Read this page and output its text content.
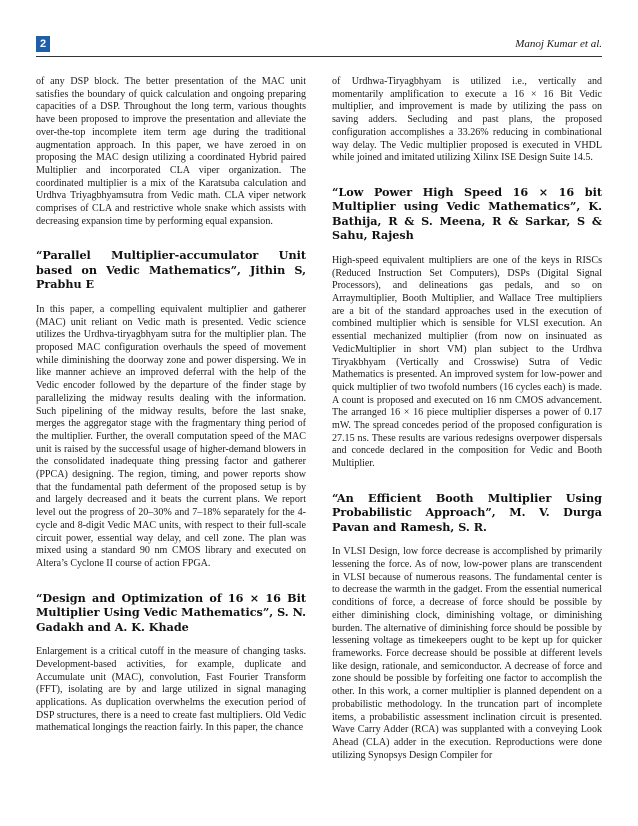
2	Manoj Kumar et al.

of any DSP block. The better presentation of the MAC unit satisfies the boundary of quick calculation and ongoing preparing capacities of a DSP. Throughout the long term, various thoughts have been proposed to improve the presentation and alleviate the over-the-top incomplete item term age during the traditional augmentation approach. In this paper, we have zeroed in on proposing the MAC design utilizing a coordinated Hybrid paired Multiplier and incorporated CLA viper organization. The coordinated multiplier is a mix of the Karatsuba calculation and Urdhva Triyagbhyamsutra from Vedic math. CLA viper network comprises of CLA and restrictive whole snake which assists with decreasing expansion time by performing equal expansion.

“Parallel Multiplier-accumulator Unit based on Vedic Mathematics”, Jithin S, Prabhu E

In this paper, a compelling equivalent multiplier and gatherer (MAC) unit reliant on Vedic math is presented. Vedic science utilizes the Urdhva-tiryagbhyam sutra for the multiplier plan. The proposed MAC configuration overhauls the speed of movement while diminishing the doorway zone and power dispersing. We in like manner achieve an improved deferral with the help of the Vedic encoder followed by the departure of the finder stage by parallelizing the midway results dealing with the information. Such pipelining of the midway results, before the last snake, merges the aggregator stage with the fragmentary thing period of the multiplier. Further, the overall computation speed of the MAC unit is raised by the successful usage of higher-demand blowers in the consolidated inadequate thing pressing factor and gatherer (PPCA) designing. The region, timing, and power reports show that the fundamental path deferment of the proposed setup is by and largely decreased and it beats the current plans. We report level out the progress of 20–30% and 7–18% separately for the 4-cycle and 8-digit Vedic MAC units, with respect to their full-scale circuit power, essential way delay, and cell zone. The plan was mixed using a standard 90 nm CMOS library and executed on Altera’s Cyclone II course of action FPGA.

“Design and Optimization of 16 × 16 Bit Multiplier Using Vedic Mathematics”, S. N. Gadakh and A. K. Khade

Enlargement is a critical cutoff in the measure of changing tasks. Development-based activities, for example, duplicate and Accumulate unit (MAC), convolution, Fast Fourier Transform (FFT), isolating are by and large utilized in signal managing applications. As duplication overwhelms the execution period of DSP structures, there is a need to create fast multipliers. Old Vedic mathematical longings the reaction fairly. In this paper, the chance

of Urdhwa-Tiryagbhyam is utilized i.e., vertically and momentarily amplification to execute a 16 × 16 Bit Vedic multiplier, and improvement is made by utilizing the pass on saving adders. Secluding and past plans, the proposed configuration accomplishes a 33.26% reducing in combinational way delay. The Vedic multiplier proposed is executed in VHDL while joined and imitated utilizing Xilinx ISE Design Suite 14.5.

“Low Power High Speed 16 × 16 bit Multiplier using Vedic Mathematics”, K. Bathija, R & S. Meena, R & Sarkar, S & Sahu, Rajesh

High-speed equivalent multipliers are one of the keys in RISCs (Reduced Instruction Set Computers), DSPs (Digital Signal Processors), and delineations gas pedals, and so on Arraymultiplier, Booth Multiplier, and Wallace Tree multipliers are a bit of the standard approaches used in the execution of combined multiplier which is sensible for VLSI execution. An essential mechanized multiplier (from now on insinuated as VedicMultiplier in short VM) plan subject to the Urdhva Tiryakbhyam (Vertically and Crosswise) Sutra of Vedic Mathematics is presented. An improved system for low-power and quick multiplier of two twofold numbers (16 cycles each) is made. A count is proposed and executed on 16 nm CMOS advancement. The arranged 16 × 16 piece multiplier disperses a power of 0.17 mW. The spread concedes period of the proposed configuration is 27.15 ns. These results are various redesigns overpower dispersals and concede declared in the composition for Vedic and Booth Multiplier.

“An Efficient Booth Multiplier Using Probabilistic Approach”, M. V. Durga Pavan and Ramesh, S. R.

In VLSI Design, low force decrease is accomplished by primarily lessening the force. As of now, low-power plans are transcendent in VLSI because of numerous reasons. The fundamental center is to decrease the warmth in the gadget. From the essential numerical conditions of force, a decrease of force should be possible by either diminishing clock, diminishing voltage, or diminishing burden. The alternative of diminishing force should be possible by lessening voltage as timekeepers ought to be kept up for quicker frameworks. Force decrease should be possible at different levels like design, rationale, and semiconductor. A decrease of force and zone should be possible by forfeiting one factor to accomplish the other. In this work, a corner multiplier is planned dependent on a probabilistic methodology. In the truncation part of incomplete items, a probabilistic assessment inclination circuit is presented. Wave Carry Adder (RCA) was supplanted with a conveying Look Ahead (CLA) adder in the execution. Reproductions were done utilizing Synopsys Design Compiler for
